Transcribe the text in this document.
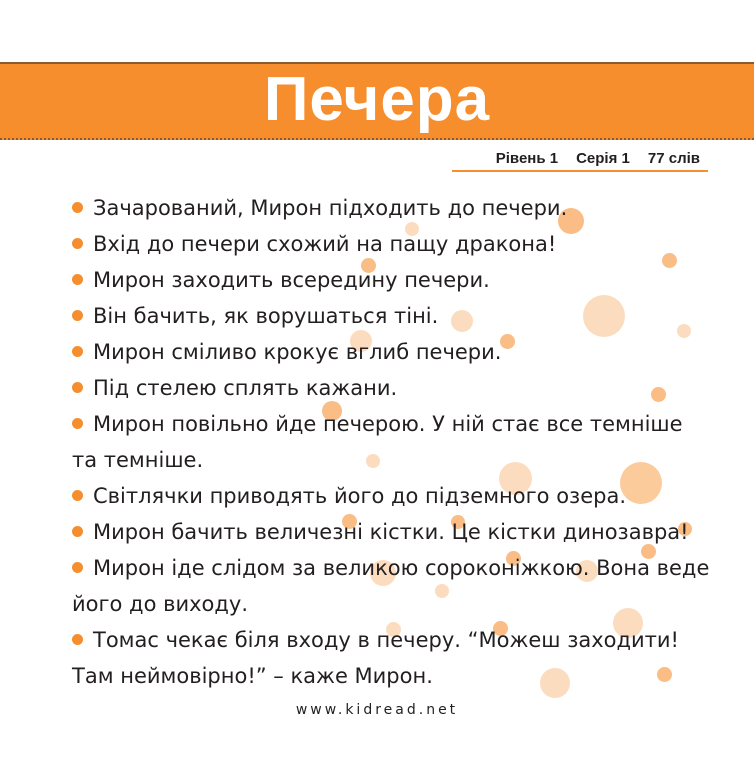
Печера
Рівень 1 Серія 1 77 слів

Зачарований, Мирон підходить до печери.

Вхід до печери схожий на пащу дракона!

Мирон заходить всередину печери.

Він бачить, як ворушаться тіні.

Мирон сміливо крокує вглиб печери.

Під стелею сплять кажани.

Мирон повільно йде печерою. У ній стає все темніше та темніше.

Світлячки приводять його до підземного озера.

Мирон бачить величезні кістки. Це кістки динозавра!

Мирон іде слідом за великою сороконіжкою. Вона веде його до виходу.

Томас чекає біля входу в печеру. “Можеш заходити! Там неймовірно!” – каже Мирон.

www.kidread.net
